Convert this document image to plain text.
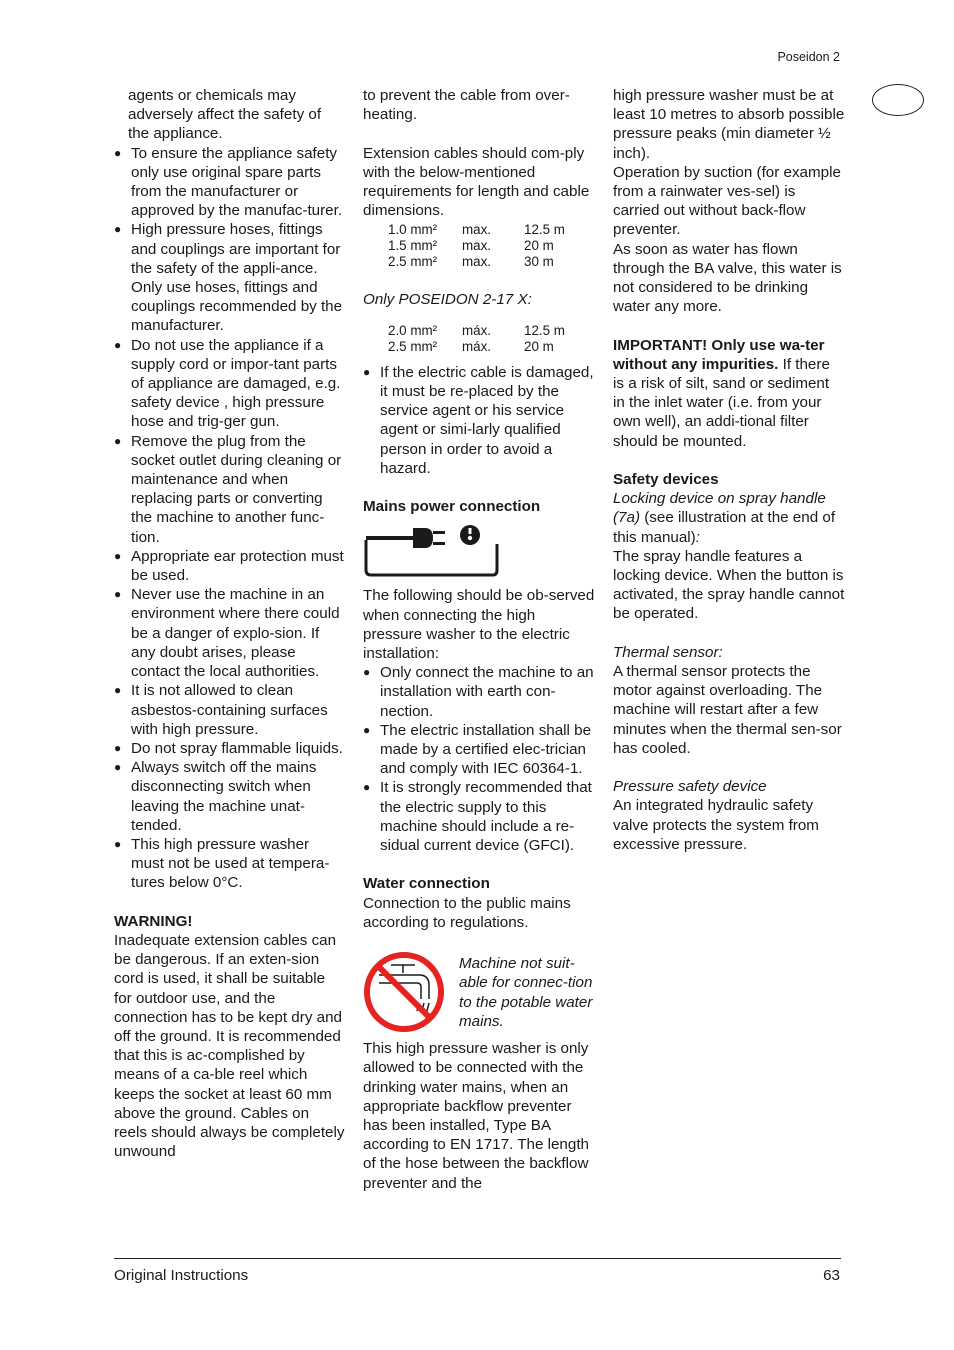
Poseidon 2

agents or chemicals may adversely affect the safety of the appliance.

● To ensure the appliance safety only use original spare parts from the manufacturer or approved by the manufac-turer.
● High pressure hoses, fittings and couplings are important for the safety of the appli-ance. Only use hoses, fittings and couplings recommended by the manufacturer.
● Do not use the appliance if a supply cord or impor-tant parts of appliance are damaged, e.g. safety device , high pressure hose and trig-ger gun.
● Remove the plug from the socket outlet during cleaning or maintenance and when replacing parts or converting the machine to another func-tion.
● Appropriate ear protection must be used.
● Never use the machine in an environment where there could be a danger of explo-sion. If any doubt arises, please contact the local authorities.
● It is not allowed to clean asbestos-containing surfaces with high pressure.
● Do not spray flammable liquids.
● Always switch off the mains disconnecting switch when leaving the machine unat-tended.
● This high pressure washer must not be used at tempera-tures below 0°C.

WARNING!

Inadequate extension cables can be dangerous. If an exten-sion cord is used, it shall be suitable for outdoor use, and the connection has to be kept dry and off the ground. It is recommended that this is ac-complished by means of a ca-ble reel which keeps the socket at least 60 mm above the ground. Cables on reels should always be completely unwound

to prevent the cable from over-heating.

Extension cables should com-ply with the below-mentioned requirements for length and cable dimensions.

1.0 mm²	max.	12.5 m
1.5 mm²	max.	20 m
2.5 mm²	max.	30 m

Only POSEIDON 2-17 X:

2.0 mm²	máx.	12.5 m
2.5 mm²	máx.	20 m
● If the electric cable is damaged, it must be re-placed by the service agent or his service agent or simi-larly qualified person in order to avoid a hazard.

Mains power connection

The following should be ob-served when connecting the high pressure washer to the electric installation:

● Only connect the machine to an installation with earth con-nection.
● The electric installation shall be made by a certified elec-trician and comply with IEC 60364-1.
● It is strongly recommended that the electric supply to this machine should include a re-sidual current device (GFCI).

Water connection

Connection to the public mains according to regulations.

Machine not suit-able for connec-tion to the potable water mains.

This high pressure washer is only allowed to be connected with the drinking water mains, when an appropriate backflow preventer has been installed, Type BA according to EN 1717. The length of the hose between the backflow preventer and the

high pressure washer must be at least 10 metres to absorb possible pressure peaks (min diameter ½ inch).

Operation by suction (for example from a rainwater ves-sel) is carried out without back-flow preventer.

As soon as water has flown through the BA valve, this water is not considered to be drinking water any more.

IMPORTANT! Only use wa-ter without any impurities. If there is a risk of silt, sand or sediment in the inlet water (i.e. from your own well), an addi-tional filter should be mounted.

Safety devices

Locking device on spray handle (7a) (see illustration at the end of this manual):

The spray handle features a locking device. When the button is activated, the spray handle cannot be operated.

Thermal sensor:

A thermal sensor protects the motor against overloading. The machine will restart after a few minutes when the thermal sen-sor has cooled.

Pressure safety device

An integrated hydraulic safety valve protects the system from excessive pressure.

Original Instructions	63
